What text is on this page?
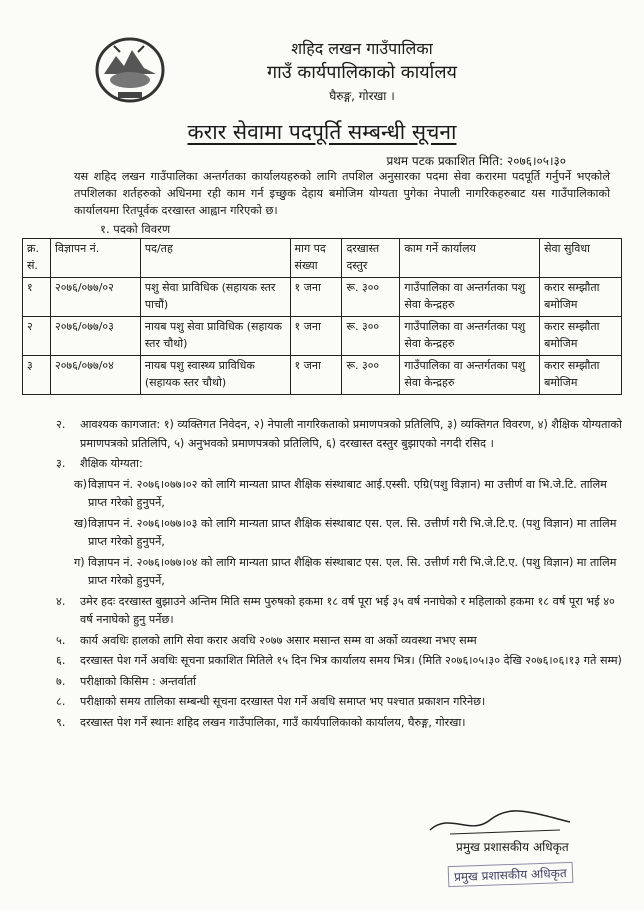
शहिद लखन गाउँपालिका
गाउँ कार्यपालिकाको कार्यालय
घैरुङ्ग, गोरखा ।
करार सेवामा पदपूर्ति सम्बन्धी सूचना
प्रथम पटक प्रकाशित मिति: २०७६।०५।३०
यस शहिद लखन गाउँपालिका अन्तर्गतका कार्यालयहरुको लागि तपशिल अनुसारका पदमा सेवा करारमा पदपूर्ति गर्नुपर्ने भएकोले तपशिलका शर्तहरुको अधिनमा रही काम गर्न इच्छुक देहाय बमोजिम योग्यता पुगेका नेपाली नागरिकहरुबाट यस गाउँपालिकाको कार्यालयमा रितपूर्वक दरखास्त आह्वान गरिएको छ।
१. पदको विवरण
क्र. सं.	विज्ञापन नं.	पद/तह	माग पद संख्या	दरखास्त दस्तुर	काम गर्ने कार्यालय	सेवा सुविधा
१	२०७६/०७७/०२	पशु सेवा प्राविधिक (सहायक स्तर पाचौं)	१ जना	रू. ३००	गाउँपालिका वा अन्तर्गतका पशु सेवा केन्द्रहरु	करार सम्झौता बमोजिम
२	२०७६/०७७/०३	नायब पशु सेवा प्राविधिक (सहायक स्तर चौथो)	१ जना	रू. ३००	गाउँपालिका वा अन्तर्गतका पशु सेवा केन्द्रहरु	करार सम्झौता बमोजिम
३	२०७६/०७७/०४	नायब पशु स्वास्थ्य प्राविधिक (सहायक स्तर चौथो)	१ जना	रू. ३००	गाउँपालिका वा अन्तर्गतका पशु सेवा केन्द्रहरु	करार सम्झौता बमोजिम
२. आवश्यक कागजात: १) व्यक्तिगत निवेदन, २) नेपाली नागरिकताको प्रमाणपत्रको प्रतिलिपि, ३) व्यक्तिगत विवरण, ४) शैक्षिक योग्यताको प्रमाणपत्रको प्रतिलिपि, ५) अनुभवको प्रमाणपत्रको प्रतिलिपि, ६) दरखास्त दस्तुर बुझाएको नगदी रसिद ।
३. शैक्षिक योग्यता:
क) विज्ञापन नं. २०७६।०७७।०२ को लागि मान्यता प्राप्त शैक्षिक संस्थाबाट आई.एस्सी. एग्रि(पशु विज्ञान) मा उत्तीर्ण वा भि.जे.टि. तालिम प्राप्त गरेको हुनुपर्ने,
ख) विज्ञापन नं. २०७६।०७७।०३ को लागि मान्यता प्राप्त शैक्षिक संस्थाबाट एस. एल. सि. उत्तीर्ण गरी भि.जे.टि.ए. (पशु विज्ञान) मा तालिम प्राप्त गरेको हुनुपर्ने,
ग) विज्ञापन नं. २०७६।०७७।०४ को लागि मान्यता प्राप्त शैक्षिक संस्थाबाट एस. एल. सि. उत्तीर्ण गरी भि.जे.टि.ए. (पशु विज्ञान) मा तालिम प्राप्त गरेको हुनुपर्ने,
४. उमेर हदः दरखास्त बुझाउने अन्तिम मिति सम्म पुरुषको हकमा १८ वर्ष पूरा भई ३५ वर्ष ननाघेको र महिलाको हकमा १८ वर्ष पूरा भई ४० वर्ष ननाघेको हुनु पर्नेछ।
५. कार्य अवधिः हालको लागि सेवा करार अवधि २०७७ असार मसान्त सम्म वा अर्को व्यवस्था नभए सम्म
६. दरखास्त पेश गर्ने अवधिः सूचना प्रकाशित मितिले १५ दिन भित्र कार्यालय समय भित्र। (मिति २०७६।०५।३० देखि २०७६।०६।१३ गते सम्म)
७. परीक्षाको किसिम : अन्तर्वार्ता
८. परीक्षाको समय तालिका सम्बन्धी सूचना दरखास्त पेश गर्ने अवधि समाप्त भए पश्चात प्रकाशन गरिनेछ।
९. दरखास्त पेश गर्ने स्थानः शहिद लखन गाउँपालिका, गाउँ कार्यपालिकाको कार्यालय, घैरुङ्ग, गोरखा।
प्रमुख प्रशासकीय अधिकृत
प्रमुख प्रशासकीय अधिकृत
